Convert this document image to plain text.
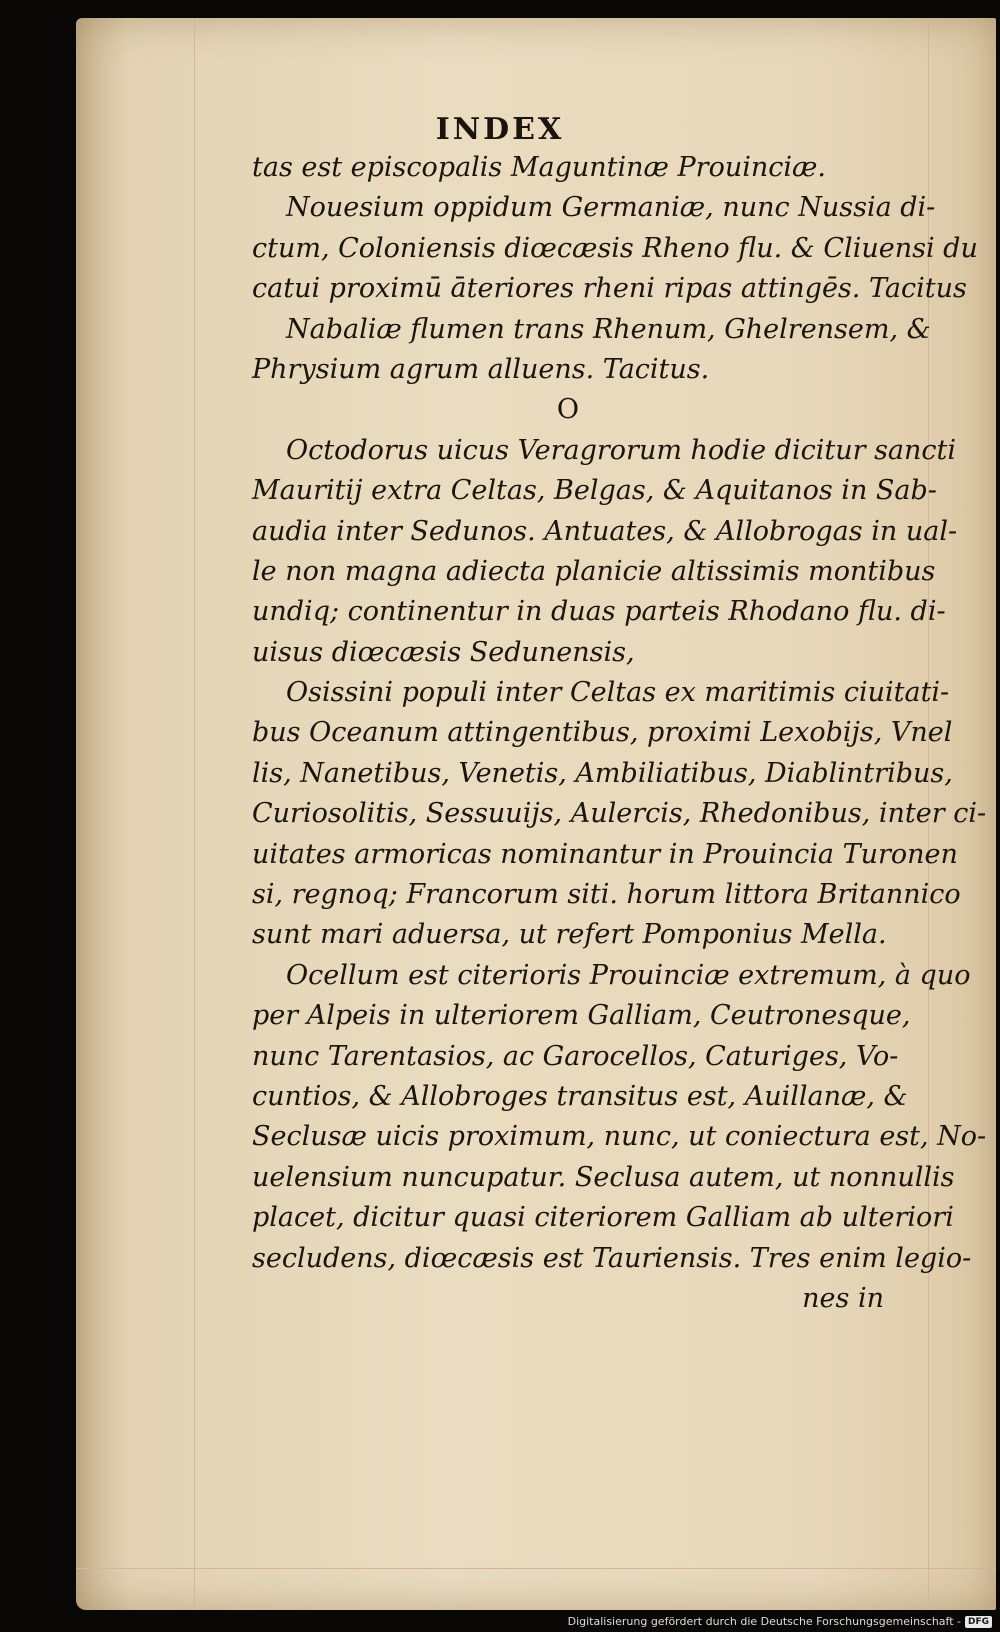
INDEX
tas est episcopalis Maguntinæ Prouinciæ.
Nouesium oppidum Germaniæ, nunc Nussia di-
ctum, Coloniensis diœcæsis Rheno flu. & Cliuensi du
catui proximū āteriores rheni ripas attingēs. Tacitus
Nabaliæ flumen trans Rhenum, Ghelrensem, &
Phrysium agrum alluens. Tacitus.
O
Octodorus uicus Veragrorum hodie dicitur sancti
Mauritij extra Celtas, Belgas, & Aquitanos in Sab-
audia inter Sedunos. Antuates, & Allobrogas in ual-
le non magna adiecta planicie altissimis montibus
undiq; continentur in duas parteis Rhodano flu. di-
uisus diœcæsis Sedunensis,
Osissini populi inter Celtas ex maritimis ciuitati-
bus Oceanum attingentibus, proximi Lexobijs, Vnel
lis, Nanetibus, Venetis, Ambiliatibus, Diablintribus,
Curiosolitis, Sessuuijs, Aulercis, Rhedonibus, inter ci-
uitates armoricas nominantur in Prouincia Turonen
si, regnoq; Francorum siti. horum littora Britannico
sunt mari aduersa, ut refert Pomponius Mella.
Ocellum est citerioris Prouinciæ extremum, à quo
per Alpeis in ulteriorem Galliam, Ceutronesque,
nunc Tarentasios, ac Garocellos, Caturiges, Vo-
cuntios, & Allobroges transitus est, Auillanæ, &
Seclusæ uicis proximum, nunc, ut coniectura est, No-
uelensium nuncupatur. Seclusa autem, ut nonnullis
placet, dicitur quasi citeriorem Galliam ab ulteriori
secludens, diœcæsis est Tauriensis. Tres enim legio-
nes in
Digitalisierung gefördert durch die Deutsche Forschungsgemeinschaft - DFG
